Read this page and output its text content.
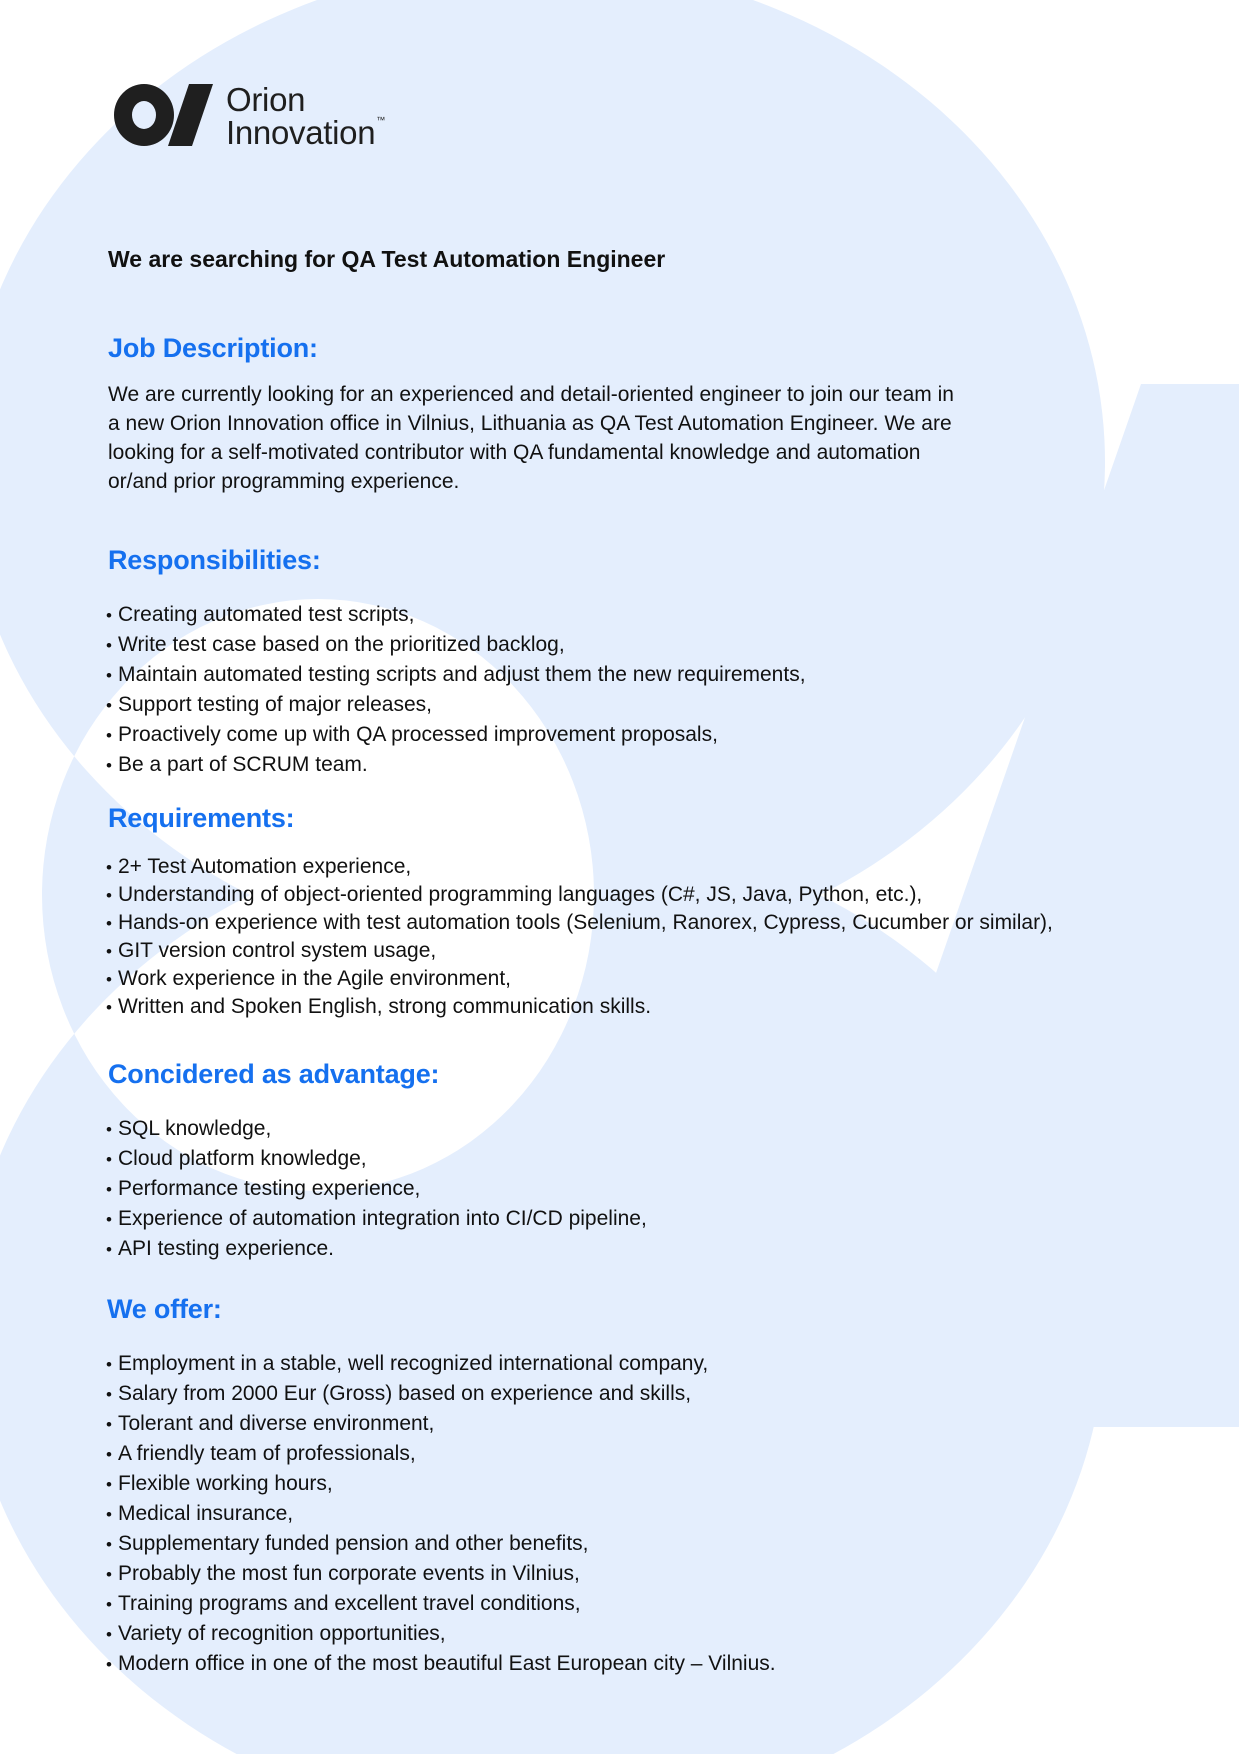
Orion
Innovation™
We are searching for QA Test Automation Engineer
Job Description:
We are currently looking for an experienced and detail-oriented engineer to join our team in
a new Orion Innovation office in Vilnius, Lithuania as QA Test Automation Engineer. We are
looking for a self-motivated contributor with QA fundamental knowledge and automation
or/and prior programming experience.
Responsibilities:
• Creating automated test scripts,
• Write test case based on the prioritized backlog,
• Maintain automated testing scripts and adjust them the new requirements,
• Support testing of major releases,
• Proactively come up with QA processed improvement proposals,
• Be a part of SCRUM team.
Requirements:
• 2+ Test Automation experience,
• Understanding of object-oriented programming languages (C#, JS, Java, Python, etc.),
• Hands-on experience with test automation tools (Selenium, Ranorex, Cypress, Cucumber or similar),
• GIT version control system usage,
• Work experience in the Agile environment,
• Written and Spoken English, strong communication skills.
Concidered as advantage:
• SQL knowledge,
• Cloud platform knowledge,
• Performance testing experience,
• Experience of automation integration into CI/CD pipeline,
• API testing experience.
We offer:
• Employment in a stable, well recognized international company,
• Salary from 2000 Eur (Gross) based on experience and skills,
• Tolerant and diverse environment,
• A friendly team of professionals,
• Flexible working hours,
• Medical insurance,
• Supplementary funded pension and other benefits,
• Probably the most fun corporate events in Vilnius,
• Training programs and excellent travel conditions,
• Variety of recognition opportunities,
• Modern office in one of the most beautiful East European city – Vilnius.
